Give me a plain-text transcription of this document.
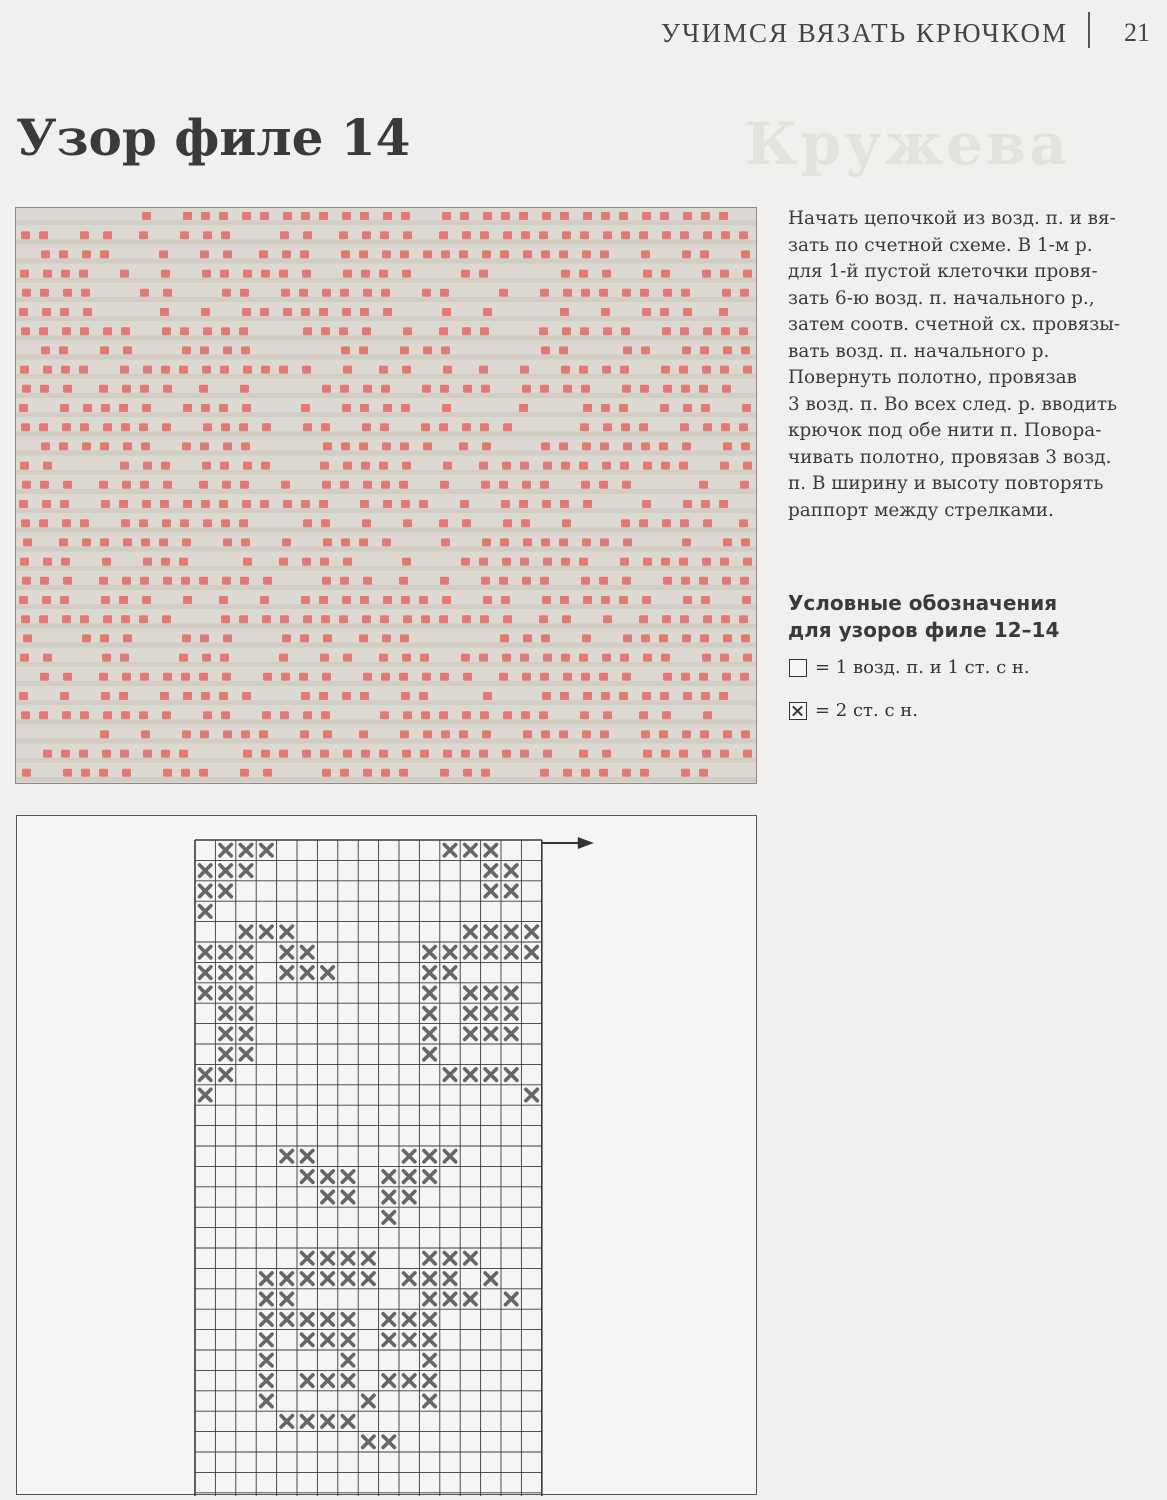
УЧИМСЯ ВЯЗАТЬ КРЮЧКОМ 21
Кружева
Узор филе 14
Начать цепочкой из возд. п. и вя-
зать по счетной схеме. В 1-м р.
для 1-й пустой клеточки провя-
зать 6-ю возд. п. начального р.,
затем соотв. счетной сх. провязы-
вать возд. п. начального р.
Повернуть полотно, провязав
3 возд. п. Во всех след. р. вводить
крючок под обе нити п. Повора-
чивать полотно, провязав 3 возд.
п. В ширину и высоту повторять
раппорт между стрелками.
Условные обозначения
для узоров филе 12–14
= 1 возд. п. и 1 ст. с н.
= 2 ст. с н.
